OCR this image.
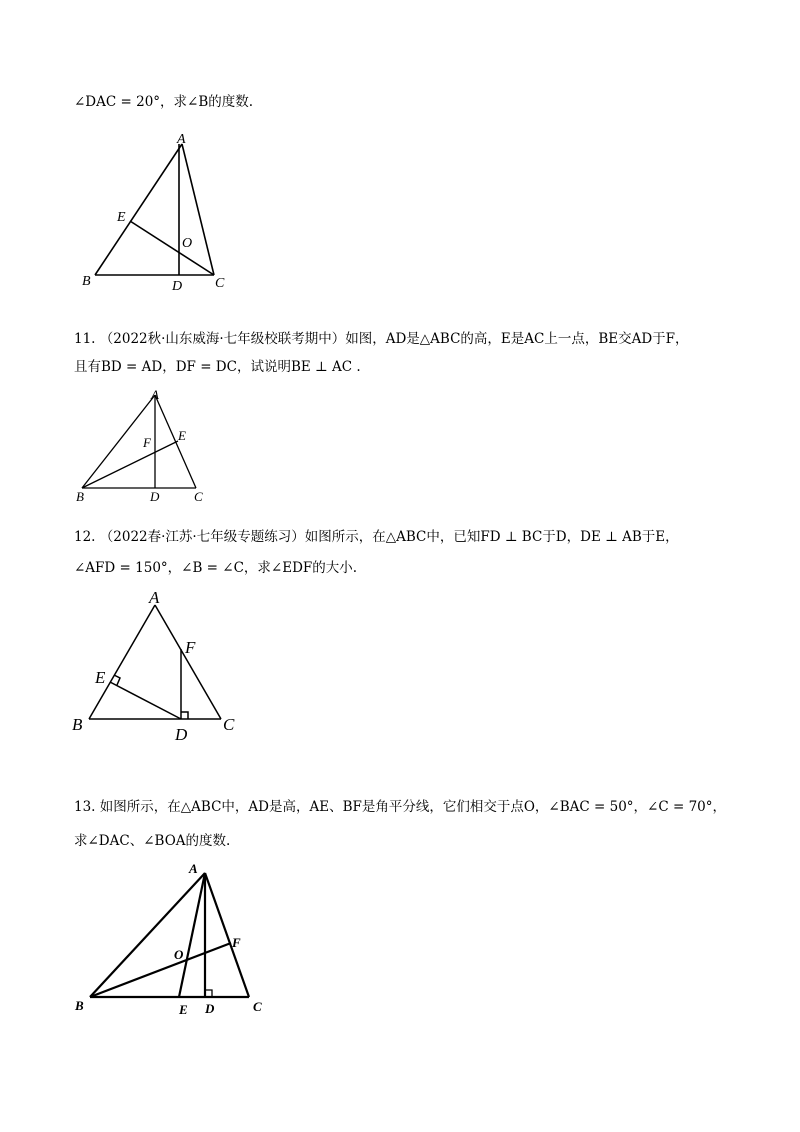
∠DAC = 20°，求∠B的度数.
A
B	C
D
E
O
11. （2022秋·山东威海·七年级校联考期中）如图，AD是△ABC的高，E是AC上一点，BE交AD于F，
且有BD = AD，DF = DC，试说明BE ⊥ AC .
A
B	C
D
E
F
12. （2022春·江苏·七年级专题练习）如图所示，在△ABC中，已知FD ⊥ BC于D，DE ⊥ AB于E，
∠AFD = 150°，∠B = ∠C，求∠EDF的大小.
A
B	C
D
E
F
13. 如图所示，在△ABC中，AD是高，AE、BF是角平分线，它们相交于点O，∠BAC = 50°，∠C = 70°，
求∠DAC、∠BOA的度数.
A
B	C
D
E
F
O
